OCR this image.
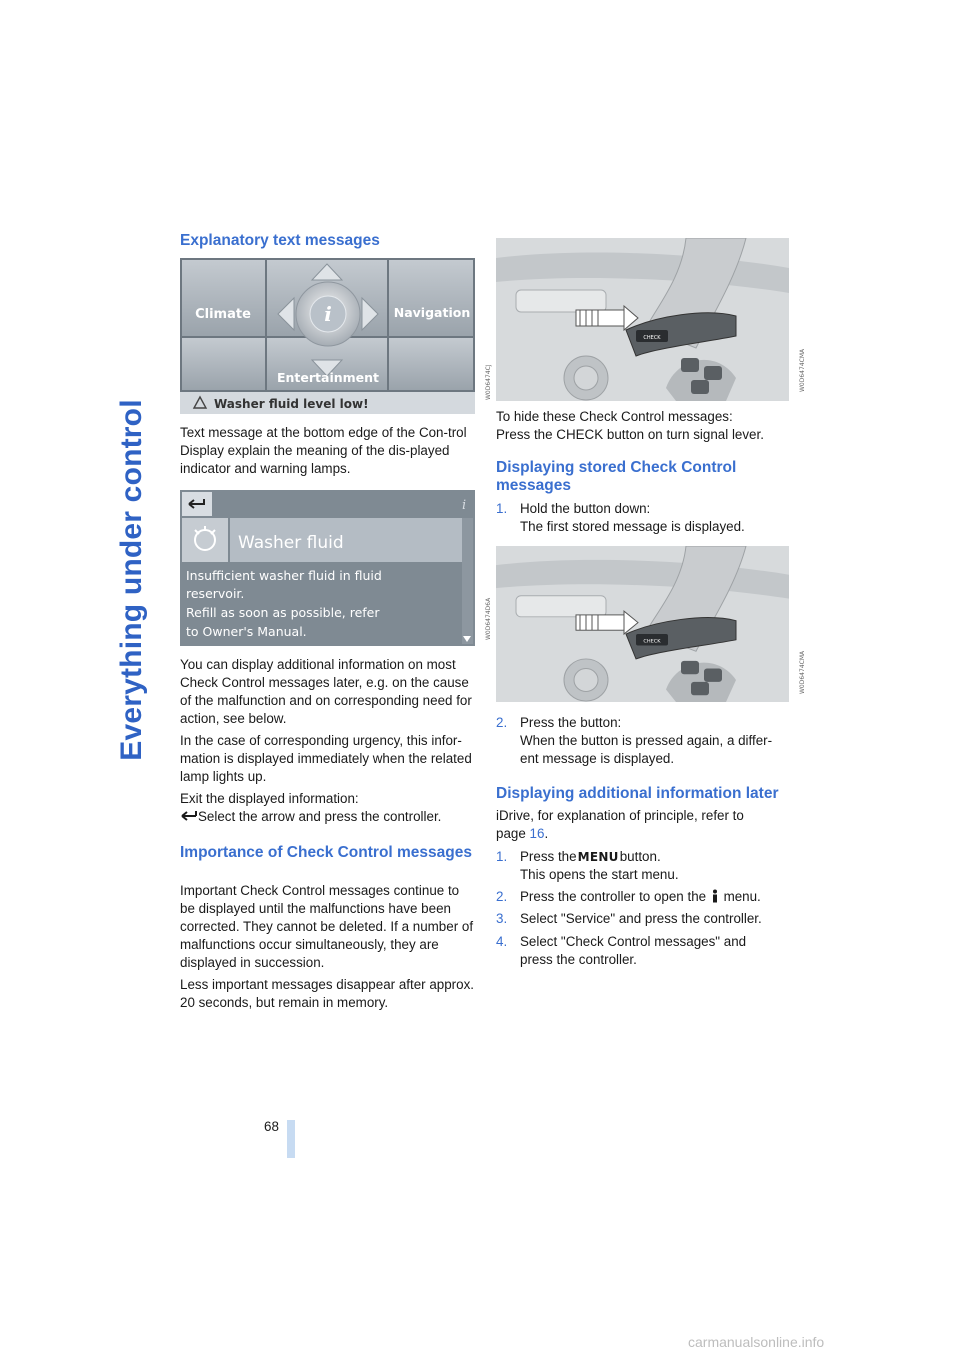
Everything under control
Explanatory text messages
i
Climate	Navigation
Entertainment
Washer fluid level low!
W0D6474CJ

Text message at the bottom edge of the Con-trol Display explain the meaning of the dis-played indicator and warning lamps.

i
Washer fluid
Insufficient washer fluid in fluid
reservoir.
Refill as soon as possible, refer
to Owner's Manual.	W0D6474D6A

You can display additional information on most Check Control messages later, e.g. on the cause of the malfunction and on corresponding need for action, see below.

In the case of corresponding urgency, this infor-mation is displayed immediately when the related lamp lights up.

Exit the displayed information:

Select the arrow and press the controller.

Importance of Check Control messages

Important Check Control messages continue to be displayed until the malfunctions have been corrected. They cannot be deleted. If a number of malfunctions occur simultaneously, they are displayed in succession.

Less important messages disappear after approx. 20 seconds, but remain in memory.

CHECK
W0D6474CMA

To hide these Check Control messages:

Press the CHECK button on turn signal lever.

Displaying stored Check Control messages
1. Hold the button down:

The first stored message is displayed.

CHECK
W0D6474CMA
2. Press the button:

When the button is pressed again, a differ-ent message is displayed.

Displaying additional information later

iDrive, for explanation of principle, refer to

page 16.

1. Press theMENUbutton.

This opens the start menu.

2. Press the controller to open the menu.

3. Select "Service" and press the controller.

4. Select "Check Control messages" and

press the controller.

68
carmanualsonline.info
